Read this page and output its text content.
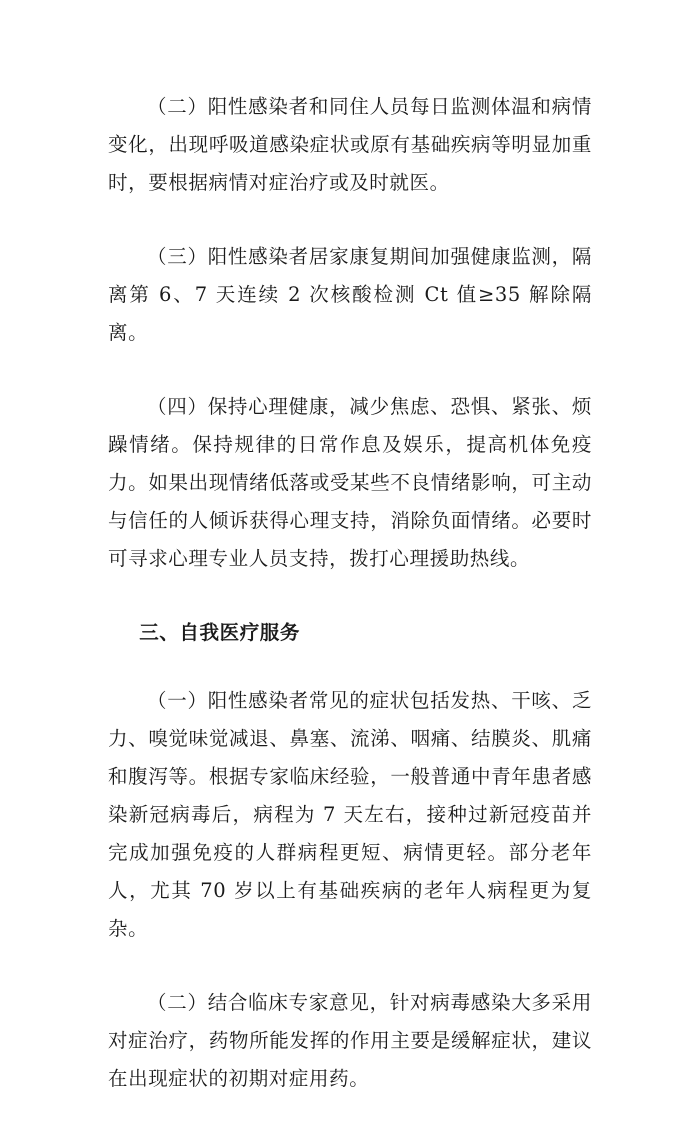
（二）阳性感染者和同住人员每日监测体温和病情变化，出现呼吸道感染症状或原有基础疾病等明显加重时，要根据病情对症治疗或及时就医。

（三）阳性感染者居家康复期间加强健康监测，隔离第 6、7 天连续 2 次核酸检测 Ct 值≥35 解除隔离。

（四）保持心理健康，减少焦虑、恐惧、紧张、烦躁情绪。保持规律的日常作息及娱乐，提高机体免疫力。如果出现情绪低落或受某些不良情绪影响，可主动与信任的人倾诉获得心理支持，消除负面情绪。必要时可寻求心理专业人员支持，拨打心理援助热线。

三、自我医疗服务

（一）阳性感染者常见的症状包括发热、干咳、乏力、嗅觉味觉减退、鼻塞、流涕、咽痛、结膜炎、肌痛和腹泻等。根据专家临床经验，一般普通中青年患者感染新冠病毒后，病程为 7 天左右，接种过新冠疫苗并完成加强免疫的人群病程更短、病情更轻。部分老年人，尤其 70 岁以上有基础疾病的老年人病程更为复杂。

（二）结合临床专家意见，针对病毒感染大多采用对症治疗，药物所能发挥的作用主要是缓解症状，建议在出现症状的初期对症用药。
